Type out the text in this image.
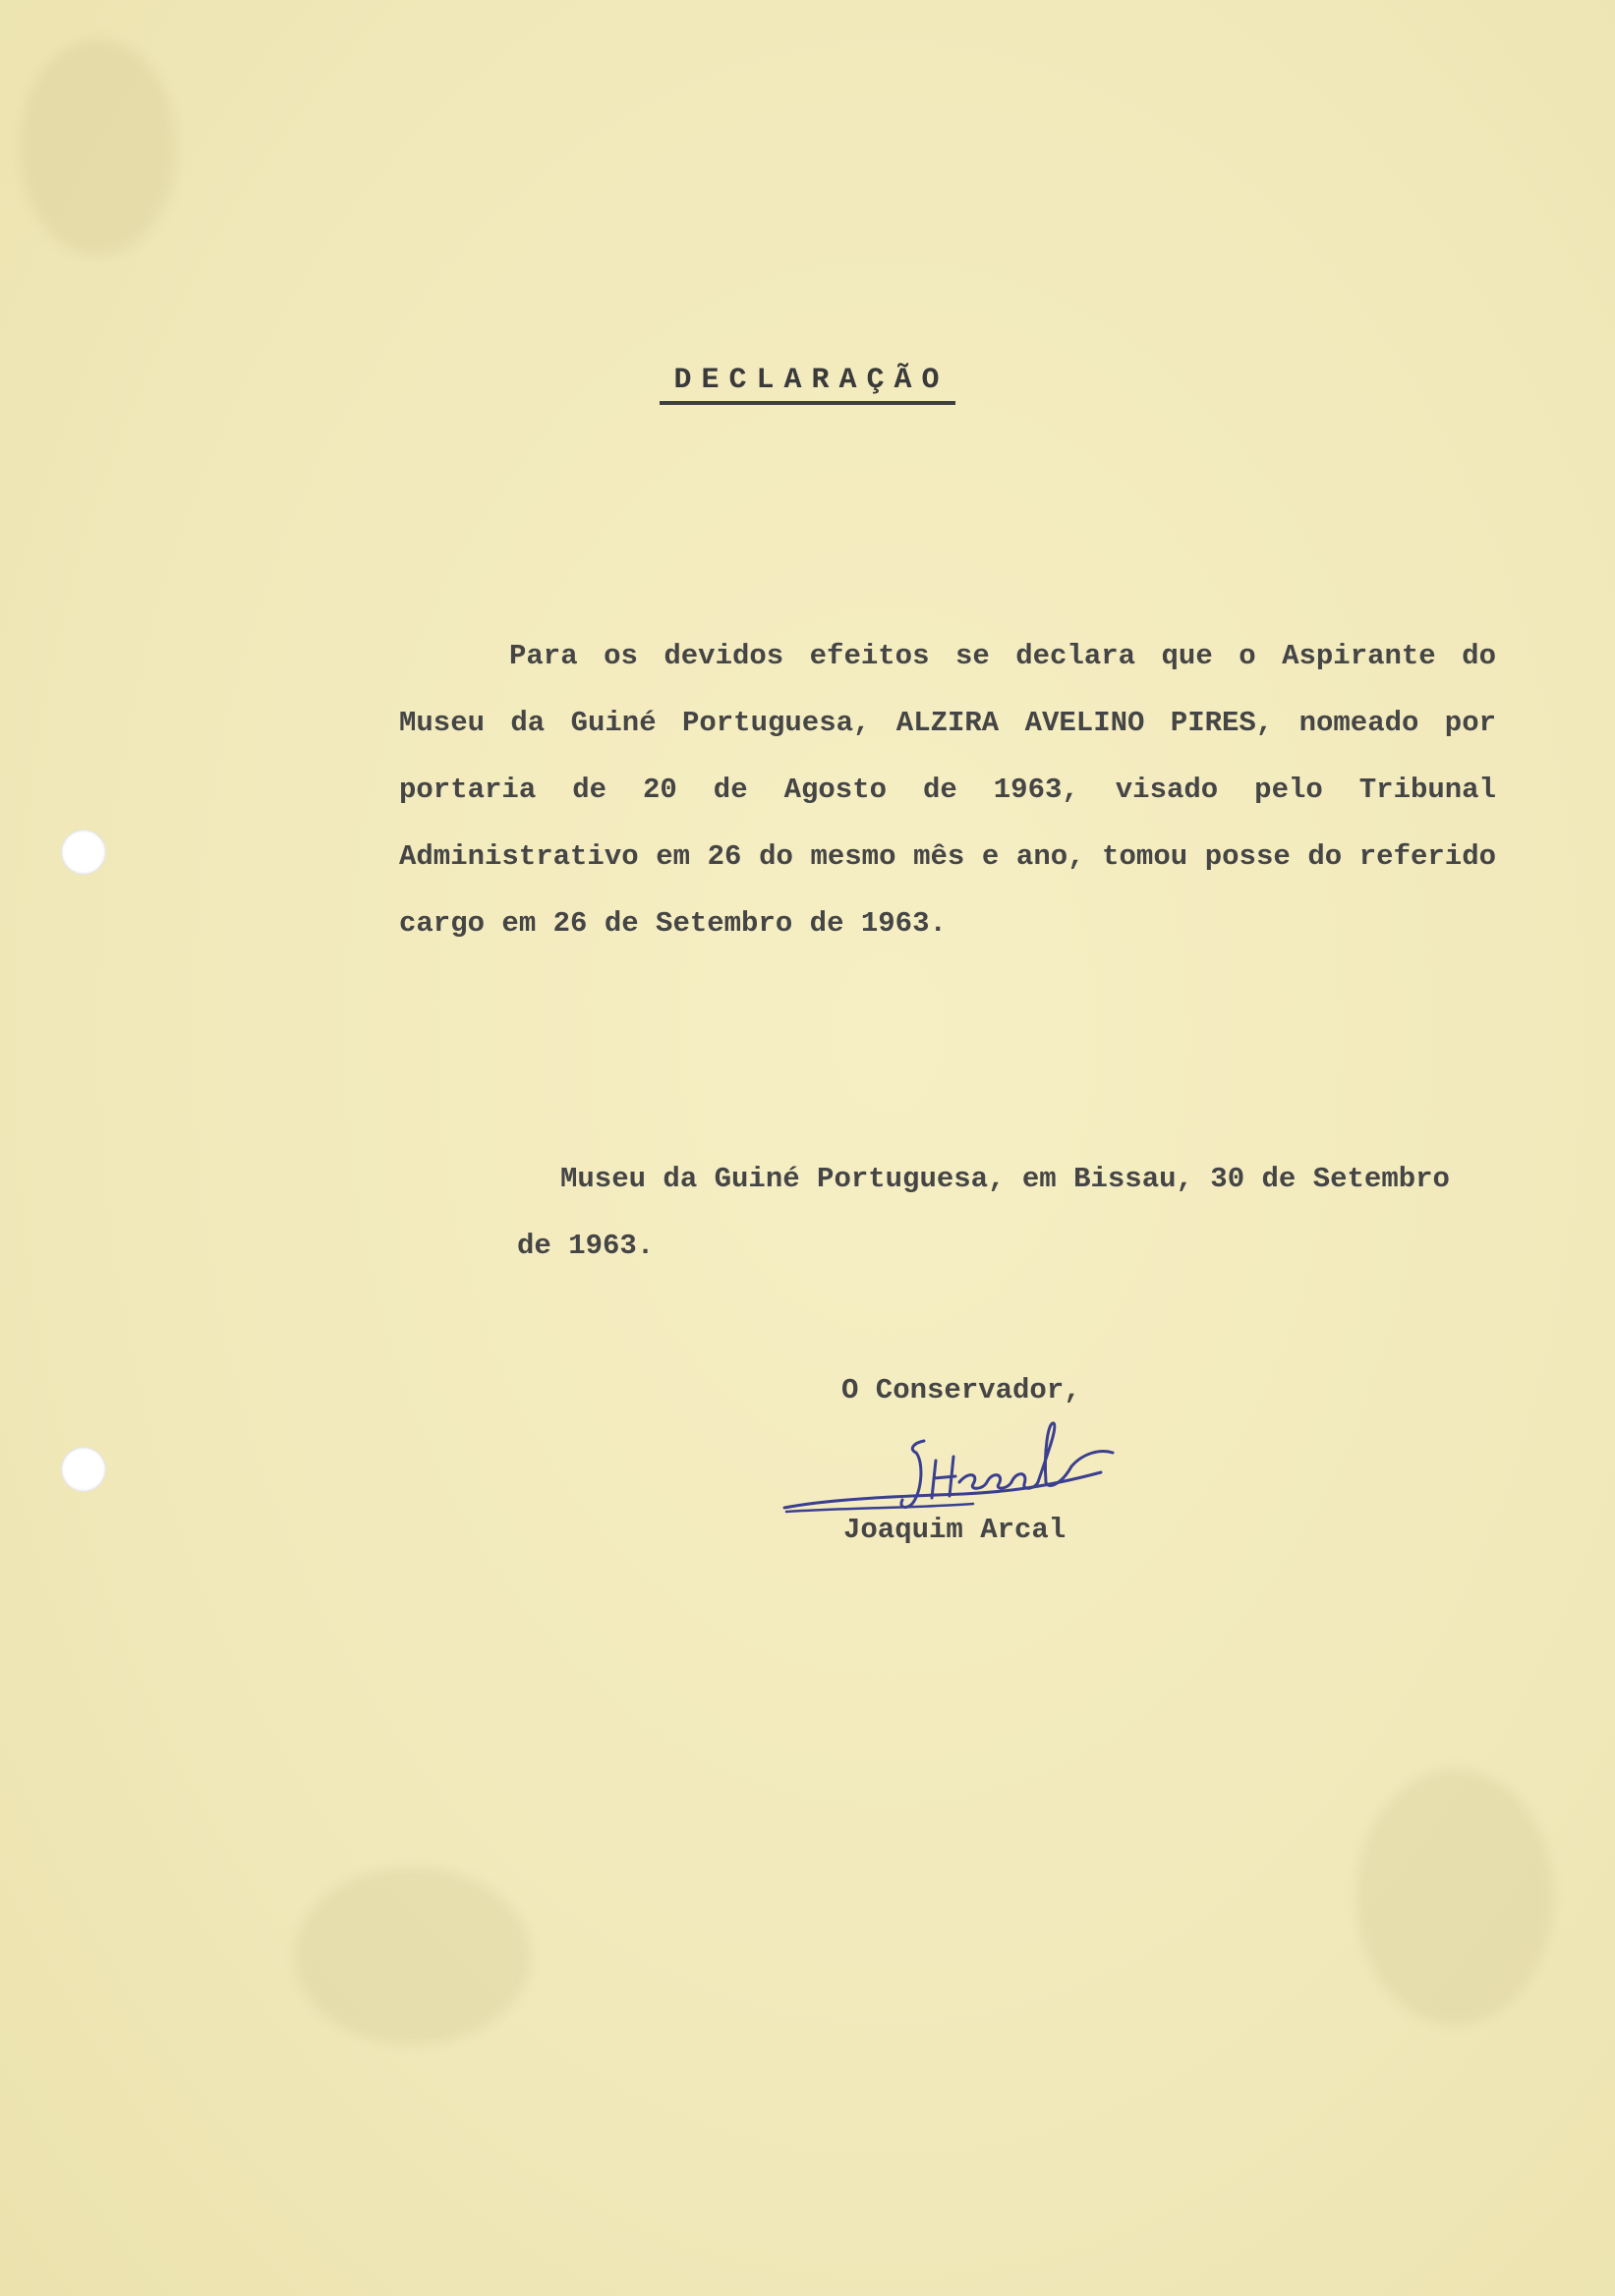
DECLARAÇÃO

Para os devidos efeitos se declara que o Aspirante do Museu da Guiné Portuguesa, ALZIRA AVELINO PIRES, nomeado por portaria de 20 de Agosto de 1963, visado pelo Tribunal Administrativo em 26 do mesmo mês e ano, tomou posse do referido cargo em 26 de Setembro de 1963.

Museu da Guiné Portuguesa, em Bissau, 30 de Setembro de 1963.

O Conservador,
Joaquim Arcal
